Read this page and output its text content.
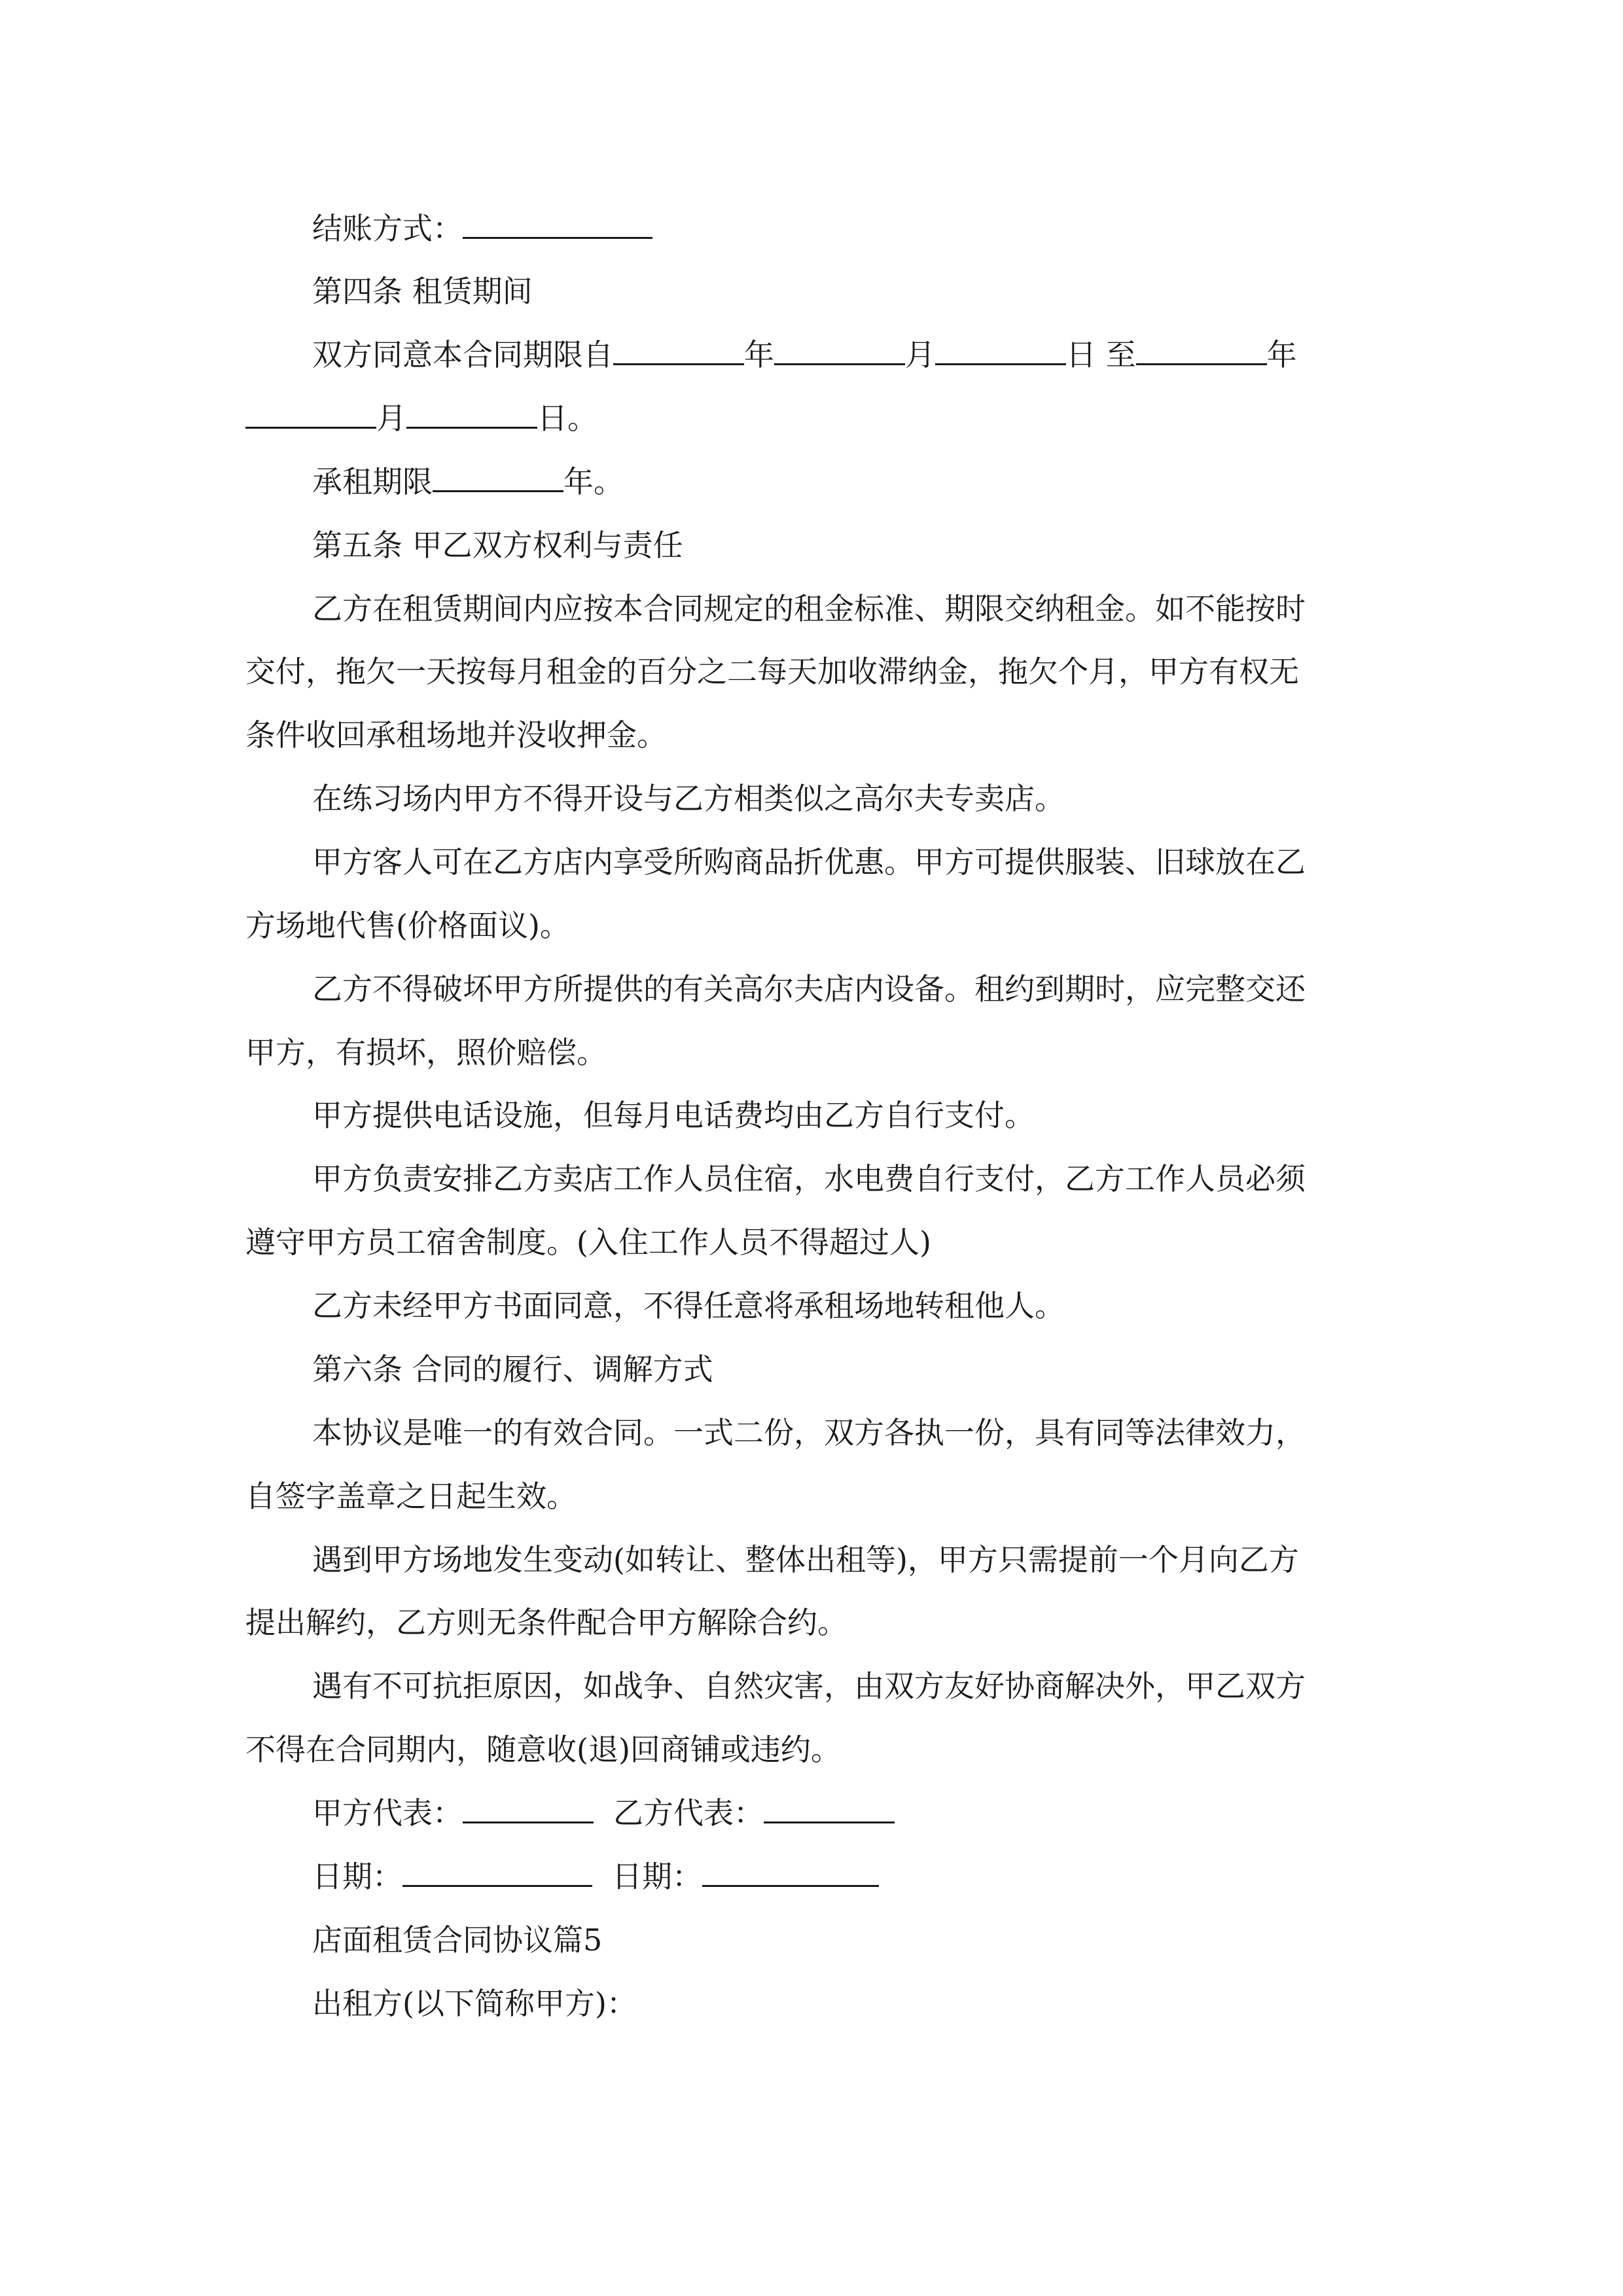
结账方式：
第四条 租赁期间
双方同意本合同期限自	年	月	日 至	年
月	日。
承租期限	年。
第五条 甲乙双方权利与责任
乙方在租赁期间内应按本合同规定的租金标准、期限交纳租金。如不能按时
交付，拖欠一天按每月租金的百分之二每天加收滞纳金，拖欠个月，甲方有权无
条件收回承租场地并没收押金。
在练习场内甲方不得开设与乙方相类似之高尔夫专卖店。
甲方客人可在乙方店内享受所购商品折优惠。甲方可提供服装、旧球放在乙
方场地代售(价格面议)。
乙方不得破坏甲方所提供的有关高尔夫店内设备。租约到期时，应完整交还
甲方，有损坏，照价赔偿。
甲方提供电话设施，但每月电话费均由乙方自行支付。
甲方负责安排乙方卖店工作人员住宿，水电费自行支付，乙方工作人员必须
遵守甲方员工宿舍制度。(入住工作人员不得超过人)
乙方未经甲方书面同意，不得任意将承租场地转租他人。
第六条 合同的履行、调解方式
本协议是唯一的有效合同。一式二份，双方各执一份，具有同等法律效力，
自签字盖章之日起生效。
遇到甲方场地发生变动(如转让、整体出租等)，甲方只需提前一个月向乙方
提出解约，乙方则无条件配合甲方解除合约。
遇有不可抗拒原因，如战争、自然灾害，由双方友好协商解决外，甲乙双方
不得在合同期内，随意收(退)回商铺或违约。
甲方代表：	乙方代表：
日期：	日期：
店面租赁合同协议篇5
出租方(以下简称甲方)：
